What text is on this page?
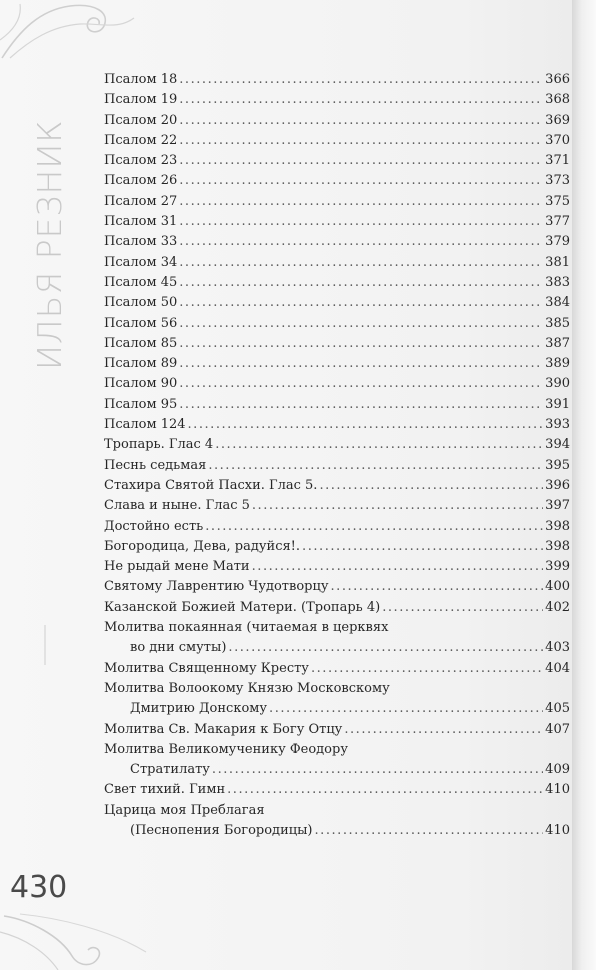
ИЛЬЯ РЕЗНИК
430
Псалом 18 . . .	366
Псалом 19 . . .	368
Псалом 20 . . .	369
Псалом 22 . . .	370
Псалом 23 . . .	371
Псалом 26 . . .	373
Псалом 27 . . .	375
Псалом 31 . . .	377
Псалом 33 . . .	379
Псалом 34 . . .	381
Псалом 45 . . .	383
Псалом 50 . . .	384
Псалом 56 . . .	385
Псалом 85 . . .	387
Псалом 89 . . .	389
Псалом 90 . . .	390
Псалом 95 . . .	391
Псалом 124 . . .	393
Тропарь. Глас 4 . . .	394
Песнь седьмая . . .	395
Стахира Святой Пасхи. Глас 5. . . .	396
Слава и ныне. Глас 5 . . .	397
Достойно есть . . .	398
Богородица, Дева, радуйся!. . . .	398
Не рыдай мене Мати . . .	399
Святому Лаврентию Чудотворцу . . .	400
Казанской Божией Матери. (Тропарь 4) . . .	402
Молитва покаянная (читаемая в церквях
во дни смуты) . . .	403
Молитва Священному Кресту . . .	404
Молитва Волоокому Князю Московскому
Дмитрию Донскому . . .	405
Молитва Св. Макария к Богу Отцу . . .	407
Молитва Великомученику Феодору
Стратилату . . .	409
Свет тихий. Гимн . . .	410
Царица моя Преблагая
(Песнопения Богородицы) . . .	410
